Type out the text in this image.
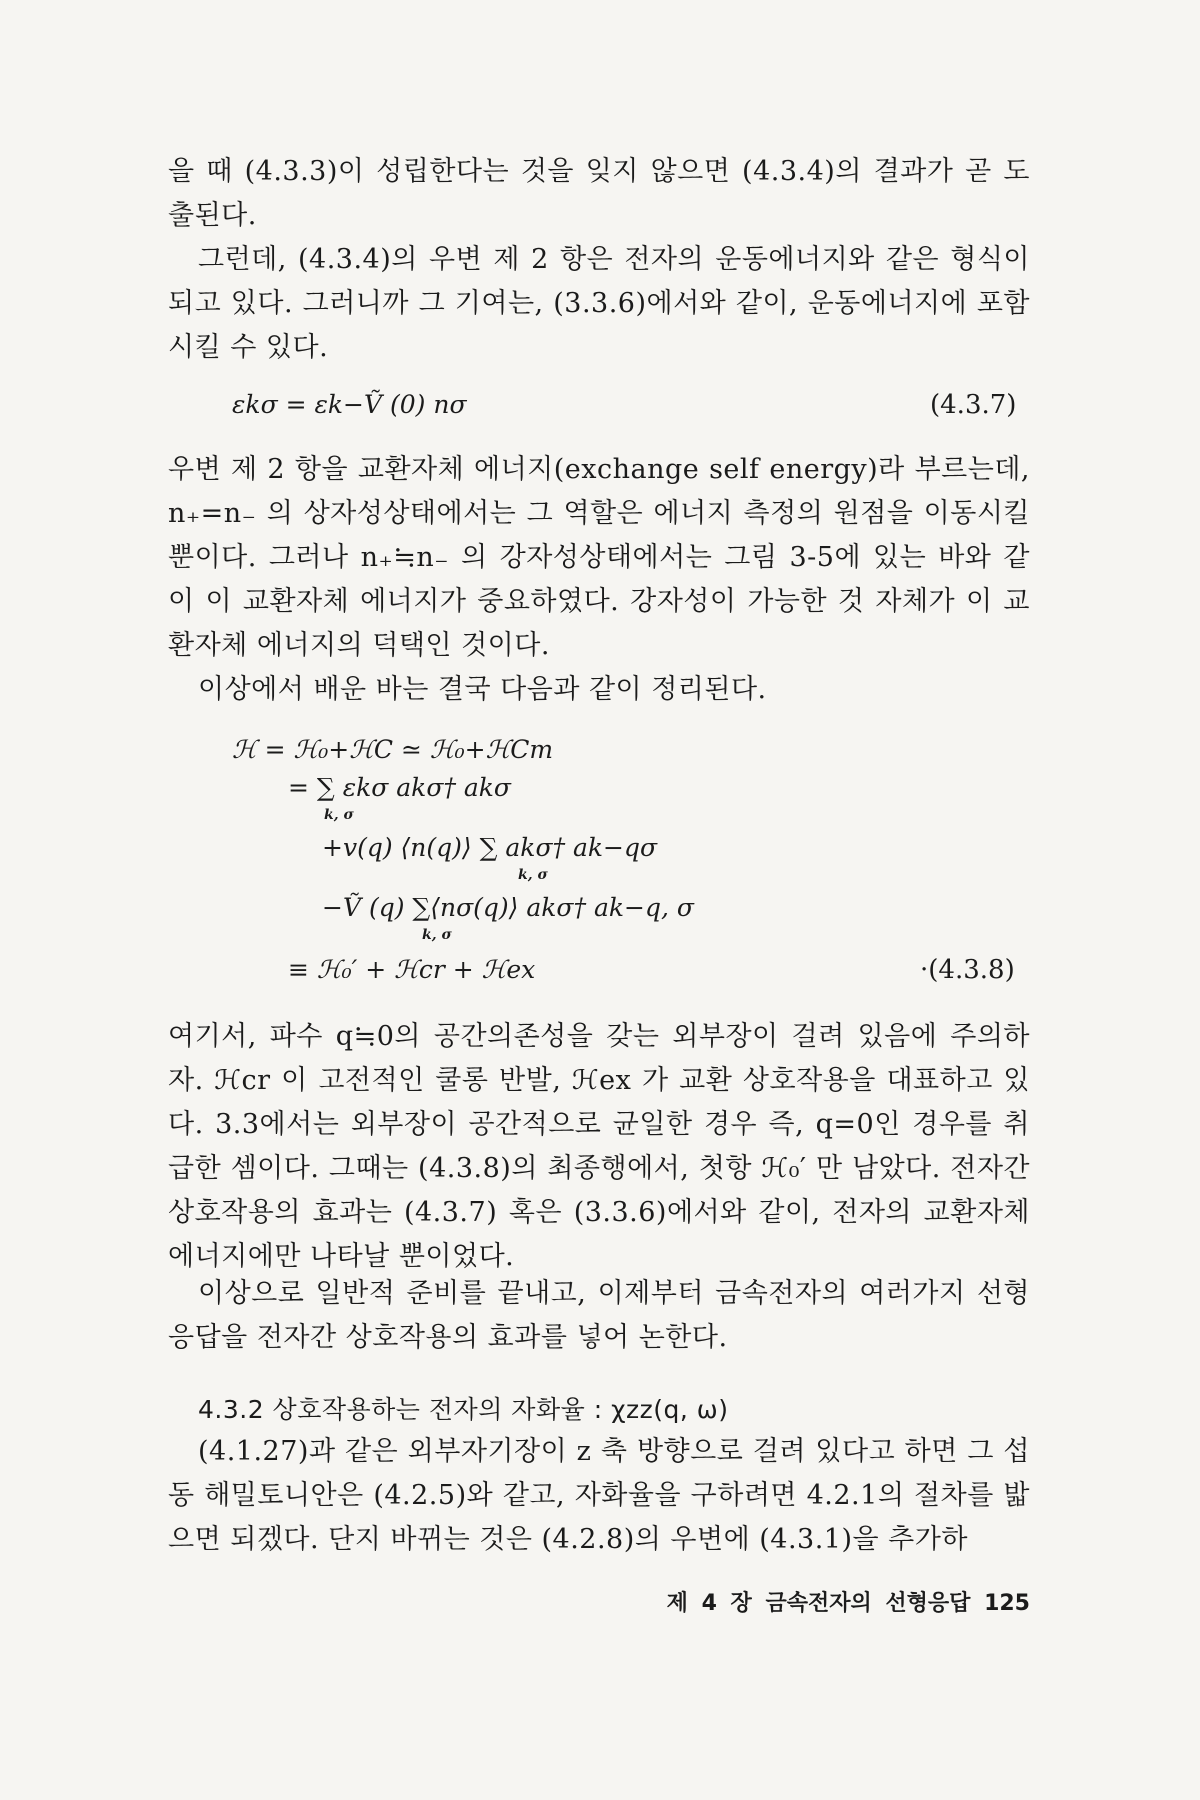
을 때 (4.3.3)이 성립한다는 것을 잊지 않으면 (4.3.4)의 결과가 곧 도출된다.

그런데, (4.3.4)의 우변 제 2 항은 전자의 운동에너지와 같은 형식이 되고 있다. 그러니까 그 기여는, (3.3.6)에서와 같이, 운동에너지에 포함시킬 수 있다.

εkσ = εk−Ṽ (0) nσ	(4.3.7)

우변 제 2 항을 교환자체 에너지(exchange self energy)라 부르는데, n₊=n₋ 의 상자성상태에서는 그 역할은 에너지 측정의 원점을 이동시킬 뿐이다. 그러나 n₊≒n₋ 의 강자성상태에서는 그림 3-5에 있는 바와 같이 이 교환자체 에너지가 중요하였다. 강자성이 가능한 것 자체가 이 교환자체 에너지의 덕택인 것이다.

이상에서 배운 바는 결국 다음과 같이 정리된다.

ℋ = ℋ₀+ℋC ≃ ℋ₀+ℋCm
= ∑ εkσ akσ† akσ
k, σ
+v(q) ⟨n(q)⟩ ∑ akσ† ak−qσ
k, σ
−Ṽ (q) ∑⟨nσ(q)⟩ akσ† ak−q, σ
k, σ
≡ ℋ₀′ + ℋcr + ℋex	·(4.3.8)

여기서, 파수 q≒0의 공간의존성을 갖는 외부장이 걸려 있음에 주의하자. ℋcr 이 고전적인 쿨롱 반발, ℋex 가 교환 상호작용을 대표하고 있다. 3.3에서는 외부장이 공간적으로 균일한 경우 즉, q=0인 경우를 취급한 셈이다. 그때는 (4.3.8)의 최종행에서, 첫항 ℋ₀′ 만 남았다. 전자간 상호작용의 효과는 (4.3.7) 혹은 (3.3.6)에서와 같이, 전자의 교환자체 에너지에만 나타날 뿐이었다.

이상으로 일반적 준비를 끝내고, 이제부터 금속전자의 여러가지 선형응답을 전자간 상호작용의 효과를 넣어 논한다.

4.3.2 상호작용하는 전자의 자화율 : χzz(q, ω)

(4.1.27)과 같은 외부자기장이 z 축 방향으로 걸려 있다고 하면 그 섭동 해밀토니안은 (4.2.5)와 같고, 자화율을 구하려면 4.2.1의 절차를 밟으면 되겠다. 단지 바뀌는 것은 (4.2.8)의 우변에 (4.3.1)을 추가하

제 4 장 금속전자의 선형응답 125
